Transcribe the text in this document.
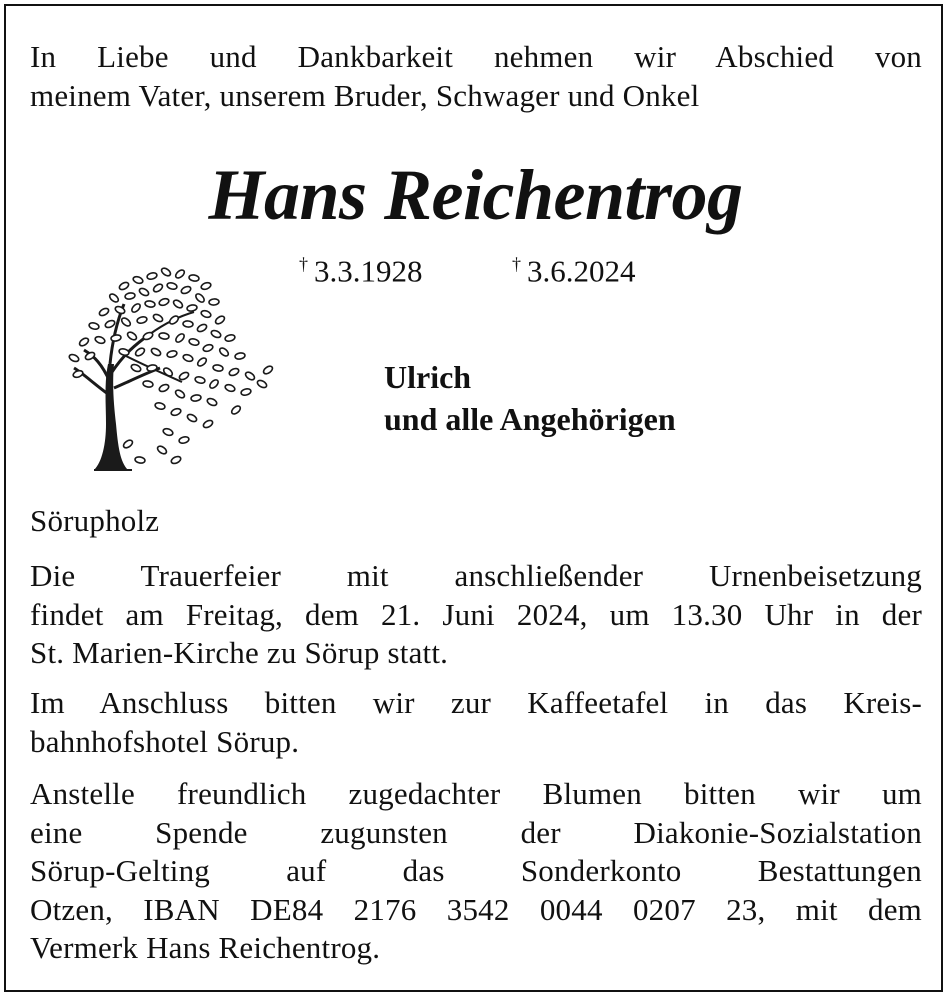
In Liebe und Dankbarkeit nehmen wir Abschied von
meinem Vater, unserem Bruder, Schwager und Onkel
Hans Reichentrog
† 3.3.1928	† 3.6.2024
Ulrich
und alle Angehörigen

Sörupholz

Die Trauerfeier mit anschließender Urnenbeisetzung
findet am Freitag, dem 21. Juni 2024, um 13.30 Uhr in der
St. Marien-Kirche zu Sörup statt.
Im Anschluss bitten wir zur Kaffeetafel in das Kreis-
bahnhofshotel Sörup.
Anstelle freundlich zugedachter Blumen bitten wir um
eine Spende zugunsten der Diakonie-Sozialstation
Sörup-Gelting auf das Sonderkonto Bestattungen
Otzen, IBAN DE84 2176 3542 0044 0207 23, mit dem
Vermerk Hans Reichentrog.
